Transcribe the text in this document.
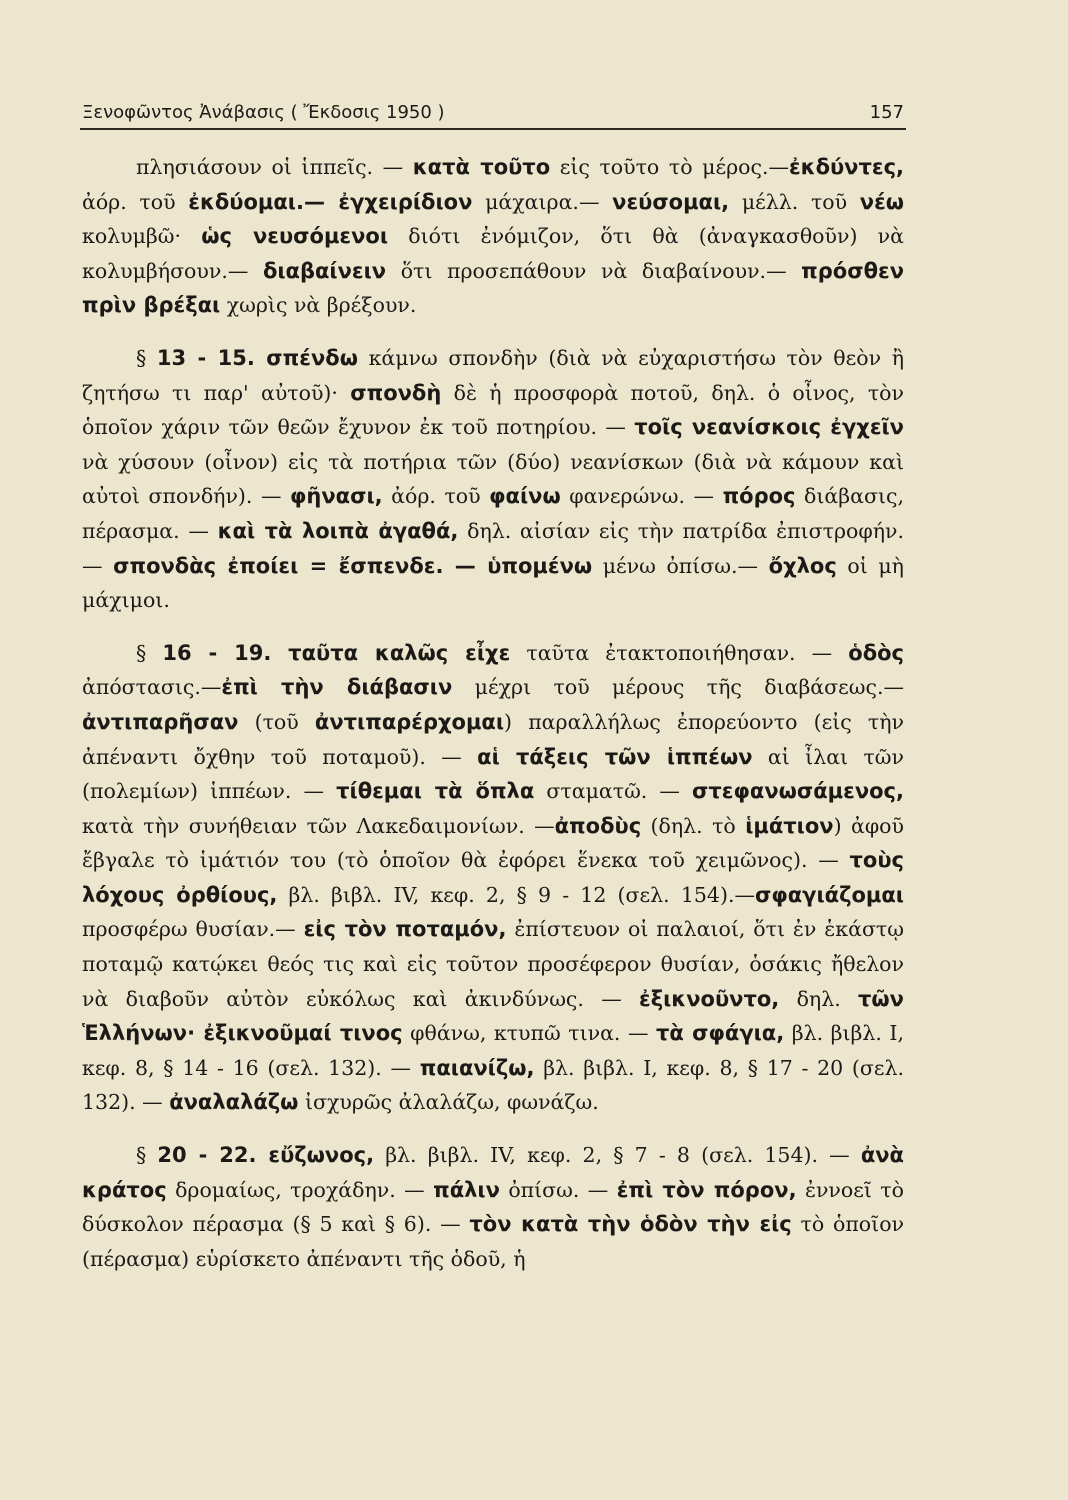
Ξενοφῶντος Ἀνάβασις ( Ἔκδοσις 1950 )	157

πλησιάσουν οἱ ἱππεῖς. — κατὰ τοῦτο εἰς τοῦτο τὸ μέρος.—ἐκδύντες, ἀόρ. τοῦ ἐκδύομαι.— ἐγχειρίδιον μάχαιρα.— νεύσομαι, μέλλ. τοῦ νέω κολυμβῶ· ὡς νευσόμενοι διότι ἐνόμιζον, ὅτι θὰ (ἀναγκασθοῦν) νὰ κολυμβήσουν.— διαβαίνειν ὅτι προσεπάθουν νὰ διαβαίνουν.— πρόσθεν πρὶν βρέξαι χωρὶς νὰ βρέξουν.

§ 13 - 15. σπένδω κάμνω σπονδὴν (διὰ νὰ εὐχαριστήσω τὸν θεὸν ἢ ζητήσω τι παρ' αὐτοῦ)· σπονδὴ δὲ ἡ προσφορὰ ποτοῦ, δηλ. ὁ οἶνος, τὸν ὁποῖον χάριν τῶν θεῶν ἔχυνον ἐκ τοῦ ποτηρίου. — τοῖς νεανίσκοις ἐγχεῖν νὰ χύσουν (οἶνον) εἰς τὰ ποτήρια τῶν (δύο) νεανίσκων (διὰ νὰ κάμουν καὶ αὐτοὶ σπονδήν). — φῆνασι, ἀόρ. τοῦ φαίνω φανερώνω. — πόρος διάβασις, πέρασμα. — καὶ τὰ λοιπὰ ἀγαθά, δηλ. αἰσίαν εἰς τὴν πατρίδα ἐπιστροφήν. — σπονδὰς ἐποίει = ἔσπενδε. — ὑπομένω μένω ὀπίσω.— ὄχλος οἱ μὴ μάχιμοι.

§ 16 - 19. ταῦτα καλῶς εἶχε ταῦτα ἐτακτοποιήθησαν. — ὁδὸς ἀπόστασις.—ἐπὶ τὴν διάβασιν μέχρι τοῦ μέρους τῆς διαβάσεως.— ἀντιπαρῆσαν (τοῦ ἀντιπαρέρχομαι) παραλλήλως ἐπορεύοντο (εἰς τὴν ἀπέναντι ὄχθην τοῦ ποταμοῦ). — αἱ τάξεις τῶν ἱππέων αἱ ἶλαι τῶν (πολεμίων) ἱππέων. — τίθεμαι τὰ ὅπλα σταματῶ. — στεφανωσάμενος, κατὰ τὴν συνήθειαν τῶν Λακεδαιμονίων. —ἀποδὺς (δηλ. τὸ ἱμάτιον) ἀφοῦ ἔβγαλε τὸ ἱμάτιόν του (τὸ ὁποῖον θὰ ἐφόρει ἕνεκα τοῦ χειμῶνος). — τοὺς λόχους ὀρθίους, βλ. βιβλ. IV, κεφ. 2, § 9 - 12 (σελ. 154).—σφαγιάζομαι προσφέρω θυσίαν.— εἰς τὸν ποταμόν, ἐπίστευον οἱ παλαιοί, ὅτι ἐν ἑκάστῳ ποταμῷ κατῴκει θεός τις καὶ εἰς τοῦτον προσέφερον θυσίαν, ὁσάκις ἤθελον νὰ διαβοῦν αὐτὸν εὐκόλως καὶ ἀκινδύνως. — ἐξικνοῦντο, δηλ. τῶν Ἑλλήνων· ἐξικνοῦμαί τινος φθάνω, κτυπῶ τινα. — τὰ σφάγια, βλ. βιβλ. I, κεφ. 8, § 14 - 16 (σελ. 132). — παιανίζω, βλ. βιβλ. I, κεφ. 8, § 17 - 20 (σελ. 132). — ἀναλαλάζω ἰσχυρῶς ἀλαλάζω, φωνάζω.

§ 20 - 22. εὔζωνος, βλ. βιβλ. IV, κεφ. 2, § 7 - 8 (σελ. 154). — ἀνὰ κράτος δρομαίως, τροχάδην. — πάλιν ὀπίσω. — ἐπὶ τὸν πόρον, ἐννοεῖ τὸ δύσκολον πέρασμα (§ 5 καὶ § 6). — τὸν κατὰ τὴν ὁδὸν τὴν εἰς τὸ ὁποῖον (πέρασμα) εὑρίσκετο ἀπέναντι τῆς ὁδοῦ, ἡ
